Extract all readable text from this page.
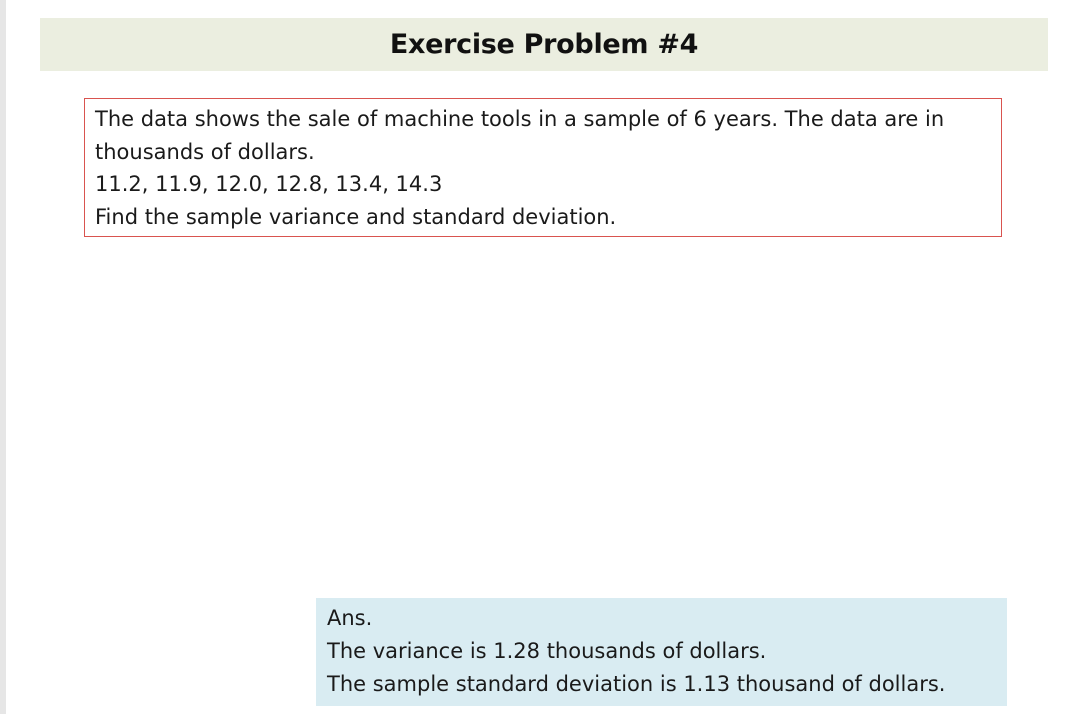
Exercise Problem #4
The data shows the sale of machine tools in a sample of 6 years. The data are in
thousands of dollars.
11.2, 11.9, 12.0, 12.8, 13.4, 14.3
Find the sample variance and standard deviation.
Ans.
The variance is 1.28 thousands of dollars.
The sample standard deviation is 1.13 thousand of dollars.
